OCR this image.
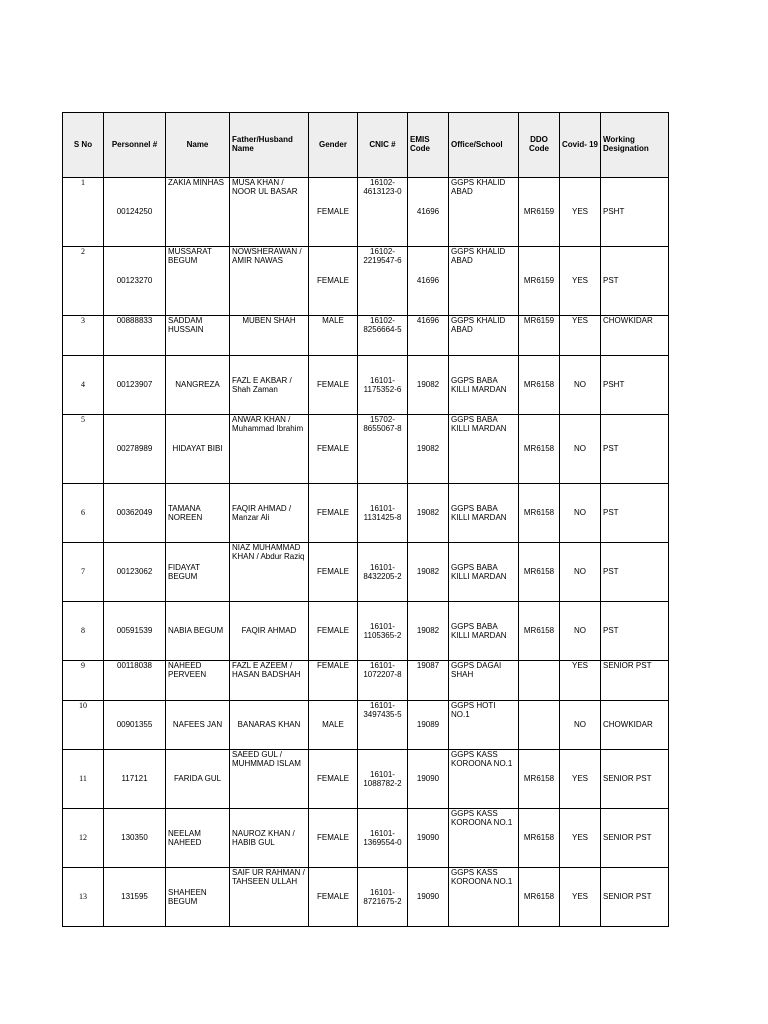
S No	Personnel #	Name	Father/Husband Name	Gender	CNIC #	EMIS Code	Office/School	DDO Code	Covid- 19	Working Designation
1	00124250	ZAKIA MINHAS	MUSA KHAN / NOOR UL BASAR	FEMALE	16102-4613123-0	41696	GGPS KHALID ABAD	MR6159	YES	PSHT
2	00123270	MUSSARAT BEGUM	NOWSHERAWAN / AMIR NAWAS	FEMALE	16102-2219547-6	41696	GGPS KHALID ABAD	MR6159	YES	PST
3	00888833	SADDAM HUSSAIN	MUBEN SHAH	MALE	16102-8256664-5	41696	GGPS KHALID ABAD	MR6159	YES	CHOWKIDAR
4	00123907	NANGREZA	FAZL E AKBAR / Shah Zaman	FEMALE	16101-1175352-6	19082	GGPS BABA KILLI MARDAN	MR6158	NO	PSHT
5	00278989	HIDAYAT BIBI	ANWAR KHAN / Muhammad Ibrahim	FEMALE	15702-8655067-8	19082	GGPS BABA KILLI MARDAN	MR6158	NO	PST
6	00362049	TAMANA NOREEN	FAQIR AHMAD / Manzar Ali	FEMALE	16101-1131425-8	19082	GGPS BABA KILLI MARDAN	MR6158	NO	PST
7	00123062	FIDAYAT BEGUM	NIAZ MUHAMMAD KHAN / Abdur Raziq	FEMALE	16101-8432205-2	19082	GGPS BABA KILLI MARDAN	MR6158	NO	PST
8	00591539	NABIA BEGUM	FAQIR AHMAD	FEMALE	16101-1105365-2	19082	GGPS BABA KILLI MARDAN	MR6158	NO	PST
9	00118038	NAHEED PERVEEN	FAZL E AZEEM / HASAN BADSHAH	FEMALE	16101-1072207-8	19087	GGPS DAGAI SHAH		YES	SENIOR PST
10	00901355	NAFEES JAN	BANARAS KHAN	MALE	16101-3497435-5	19089	GGPS HOTI NO.1		NO	CHOWKIDAR
11	117121	FARIDA GUL	SAEED GUL / MUHMMAD ISLAM	FEMALE	16101-1088782-2	19090	GGPS KASS KOROONA NO.1	MR6158	YES	SENIOR PST
12	130350	NEELAM NAHEED	NAUROZ KHAN / HABIB GUL	FEMALE	16101-1369554-0	19090	GGPS KASS KOROONA NO.1	MR6158	YES	SENIOR PST
13	131595	SHAHEEN BEGUM	SAIF UR RAHMAN / TAHSEEN ULLAH	FEMALE	16101-8721675-2	19090	GGPS KASS KOROONA NO.1	MR6158	YES	SENIOR PST
